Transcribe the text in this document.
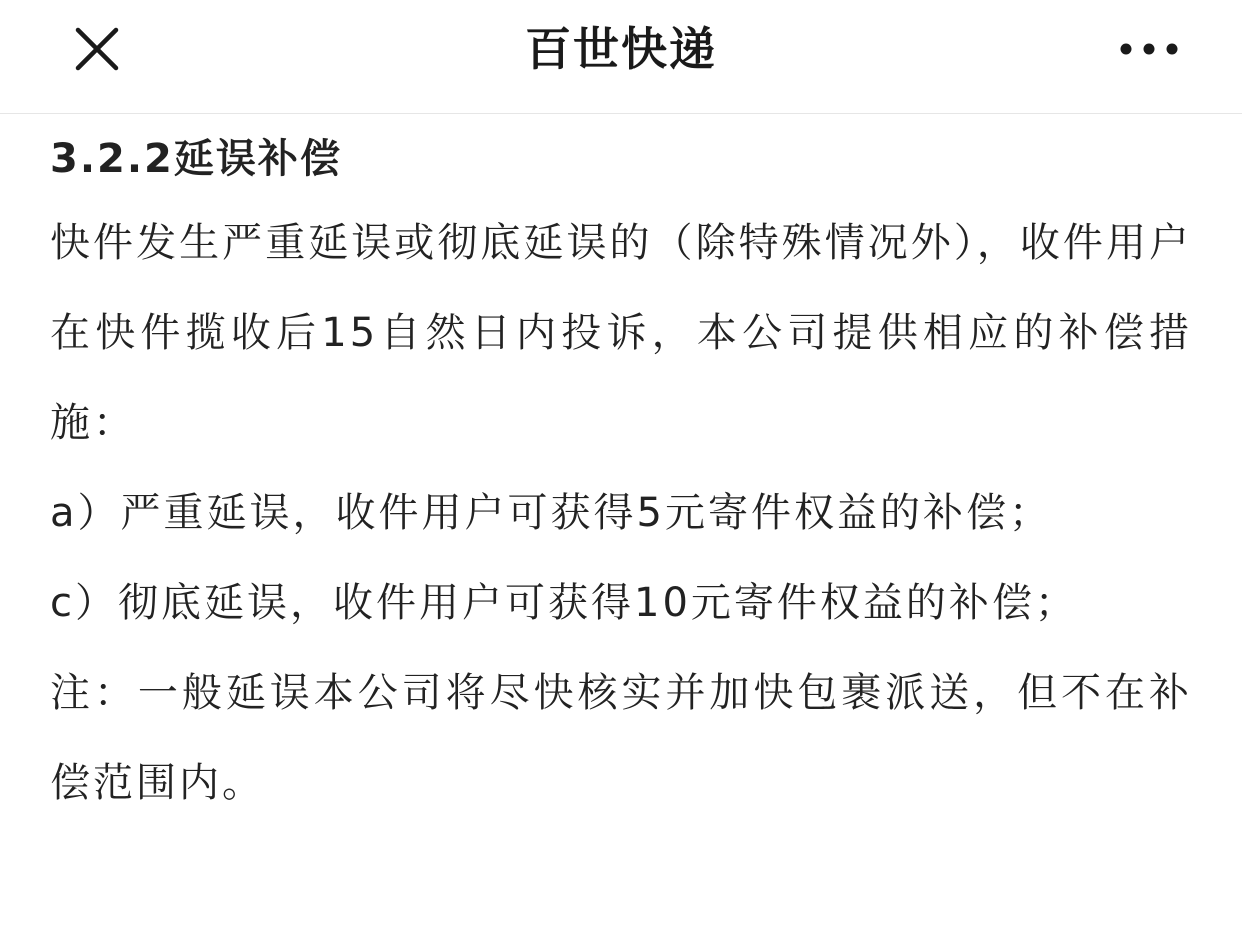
百世快递
3.2.2延误补偿

快件发生严重延误或彻底延误的（除特殊情况外），收件用户在快件揽收后15自然日内投诉，本公司提供相应的补偿措施：

a）严重延误，收件用户可获得5元寄件权益的补偿；

c）彻底延误，收件用户可获得10元寄件权益的补偿；

注：一般延误本公司将尽快核实并加快包裹派送，但不在补偿范围内。
